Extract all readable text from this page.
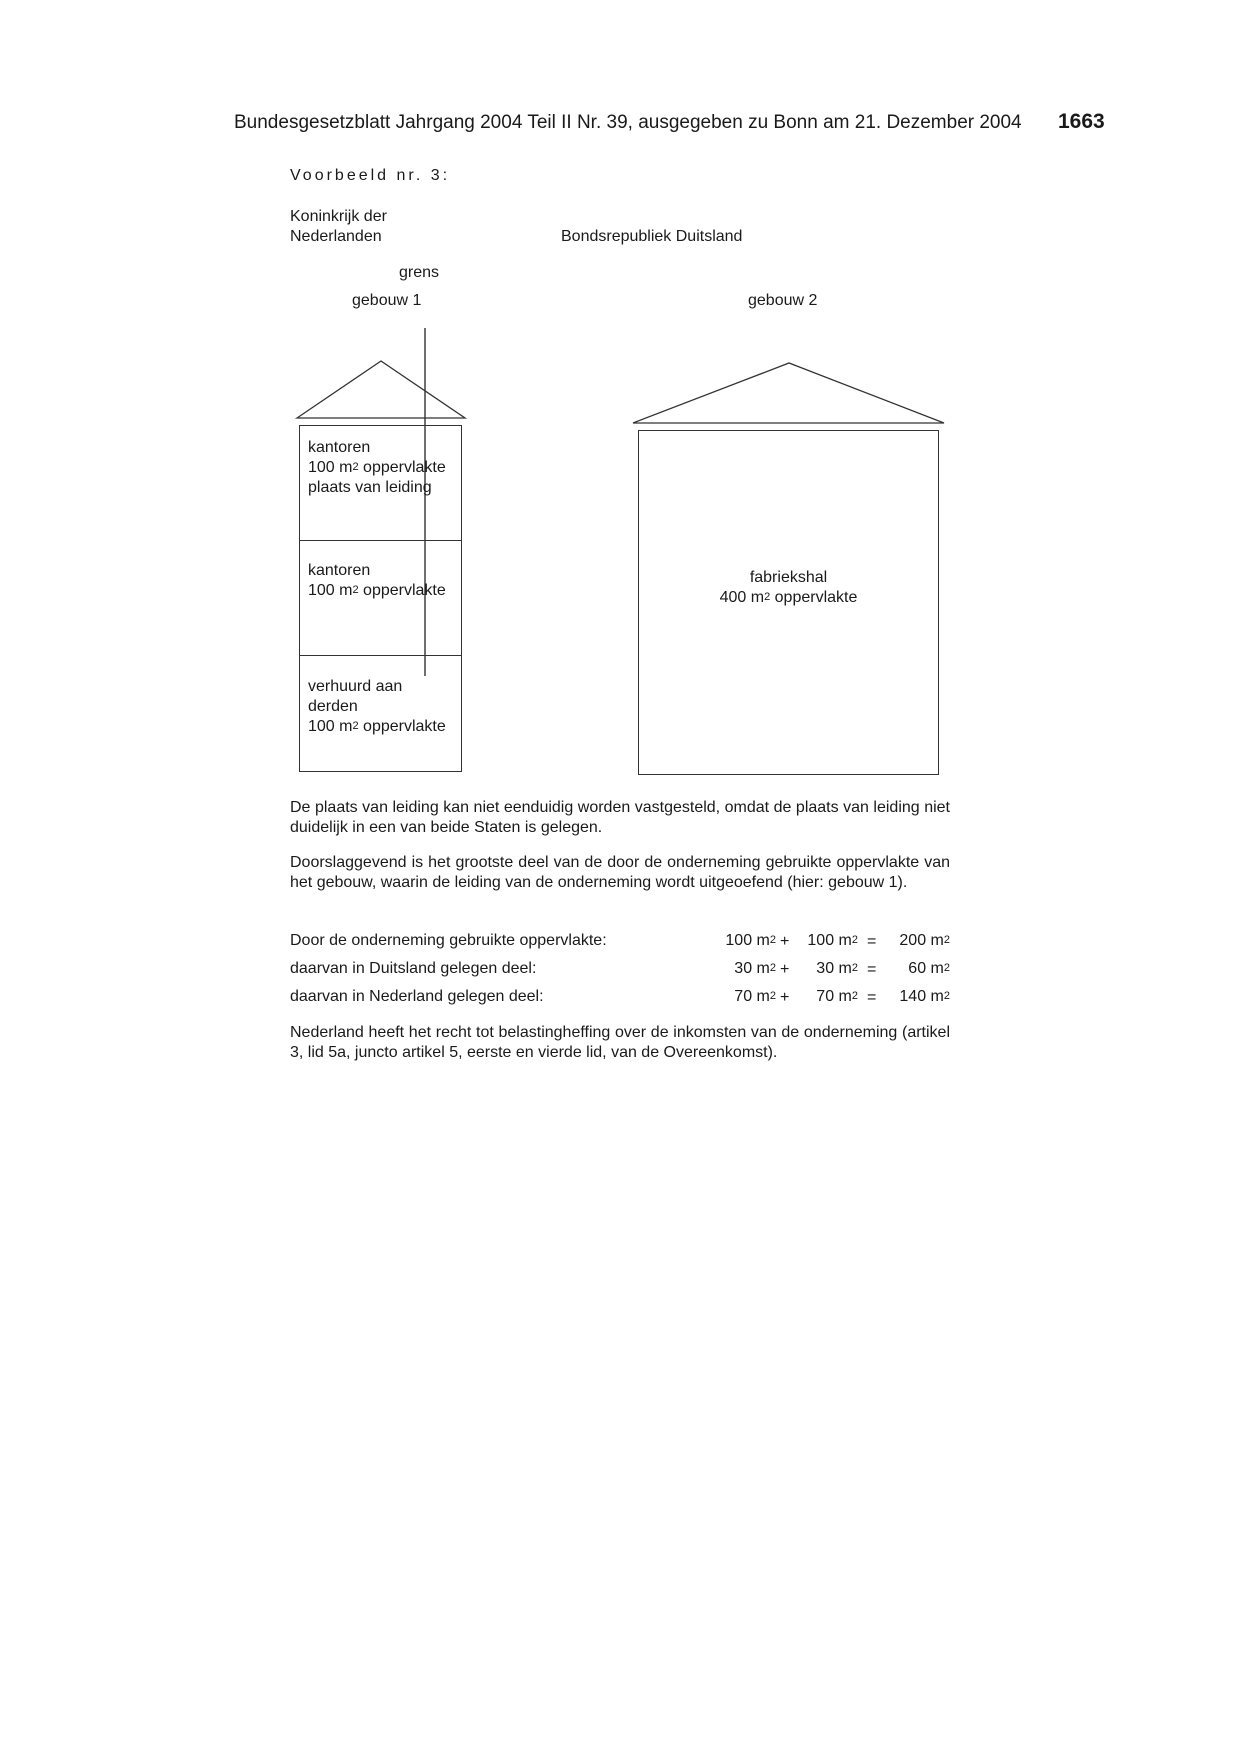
Bundesgesetzblatt Jahrgang 2004 Teil II Nr. 39, ausgegeben zu Bonn am 21. Dezember 2004 1663
Voorbeeld nr. 3:
Koninkrijk der
Nederlanden	Bondsrepubliek Duitsland
grens
gebouw 1	gebouw 2
kantoren
100 $m^2$ oppervlakte
plaats van leiding
kantoren
100 $m^2$ oppervlakte
verhuurd aan
derden
100 $m^2$ oppervlakte
fabriekshal
400 $m^2$ oppervlakte
De plaats van leiding kan niet eenduidig worden vastgesteld, omdat de plaats van leiding niet duidelijk in een van beide Staten is gelegen.
Doorslaggevend is het grootste deel van de door de onderneming gebruikte oppervlakte van het gebouw, waarin de leiding van de onderneming wordt uitgeoefend (hier: gebouw 1).
Door de onderneming gebruikte oppervlakte:
daarvan in Duitsland gelegen deel:
daarvan in Nederland gelegen deel:
100 $m^2$
30 $m^2$
70 $m^2$
+
+
+
100 $m^2$
30 $m^2$
70 $m^2$
=
=
=
200 $m^2$
60 $m^2$
140 $m^2$
Nederland heeft het recht tot belastingheffing over de inkomsten van de onderneming (artikel 3, lid 5a, juncto artikel 5, eerste en vierde lid, van de Overeenkomst).
